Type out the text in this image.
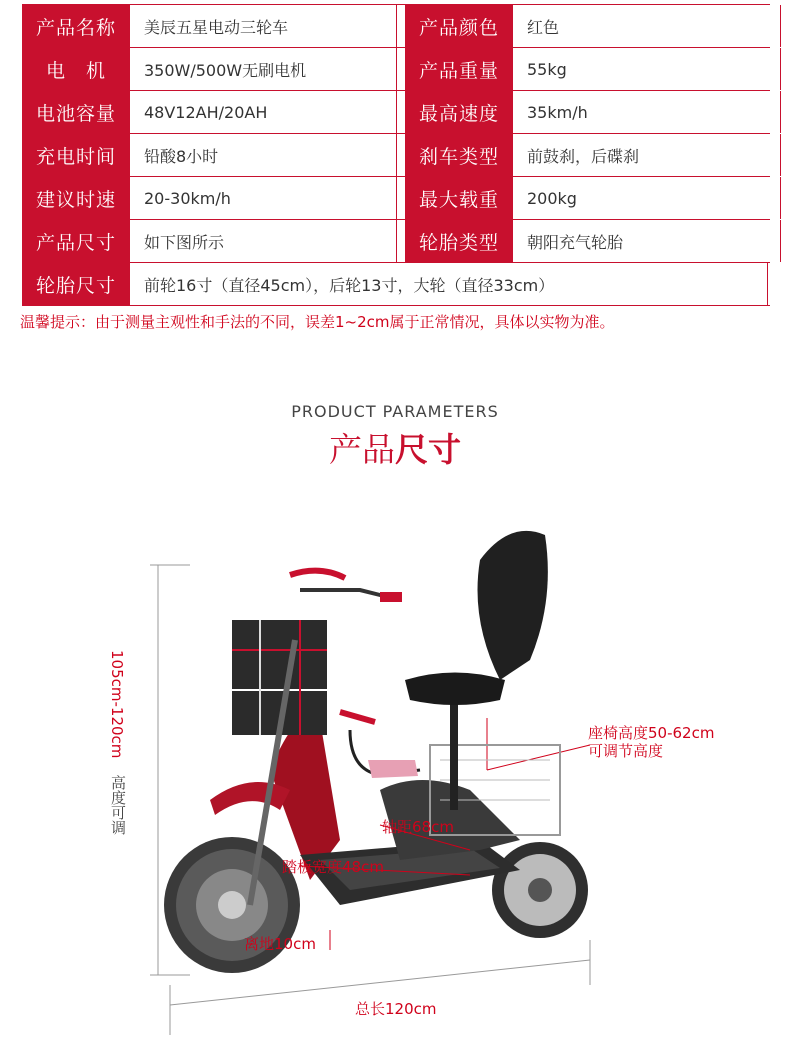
产品名称	美辰五星电动三轮车	产品颜色	红色
电　机	350W/500W无刷电机	产品重量	55kg
电池容量	48V12AH/20AH	最高速度	35km/h
充电时间	铅酸8小时	刹车类型	前鼓刹，后碟刹
建议时速	20-30km/h	最大载重	200kg
产品尺寸	如下图所示	轮胎类型	朝阳充气轮胎
轮胎尺寸	前轮16寸（直径45cm），后轮13寸，大轮（直径33cm）
温馨提示：由于测量主观性和手法的不同，误差1~2cm属于正常情况，具体以实物为准。
PRODUCT PARAMETERS
产品尺寸
105cm-120cm
高度可调
座椅高度50-62cm
可调节高度
轴距68cm
踏板宽度48cm
离地10cm
总长120cm
